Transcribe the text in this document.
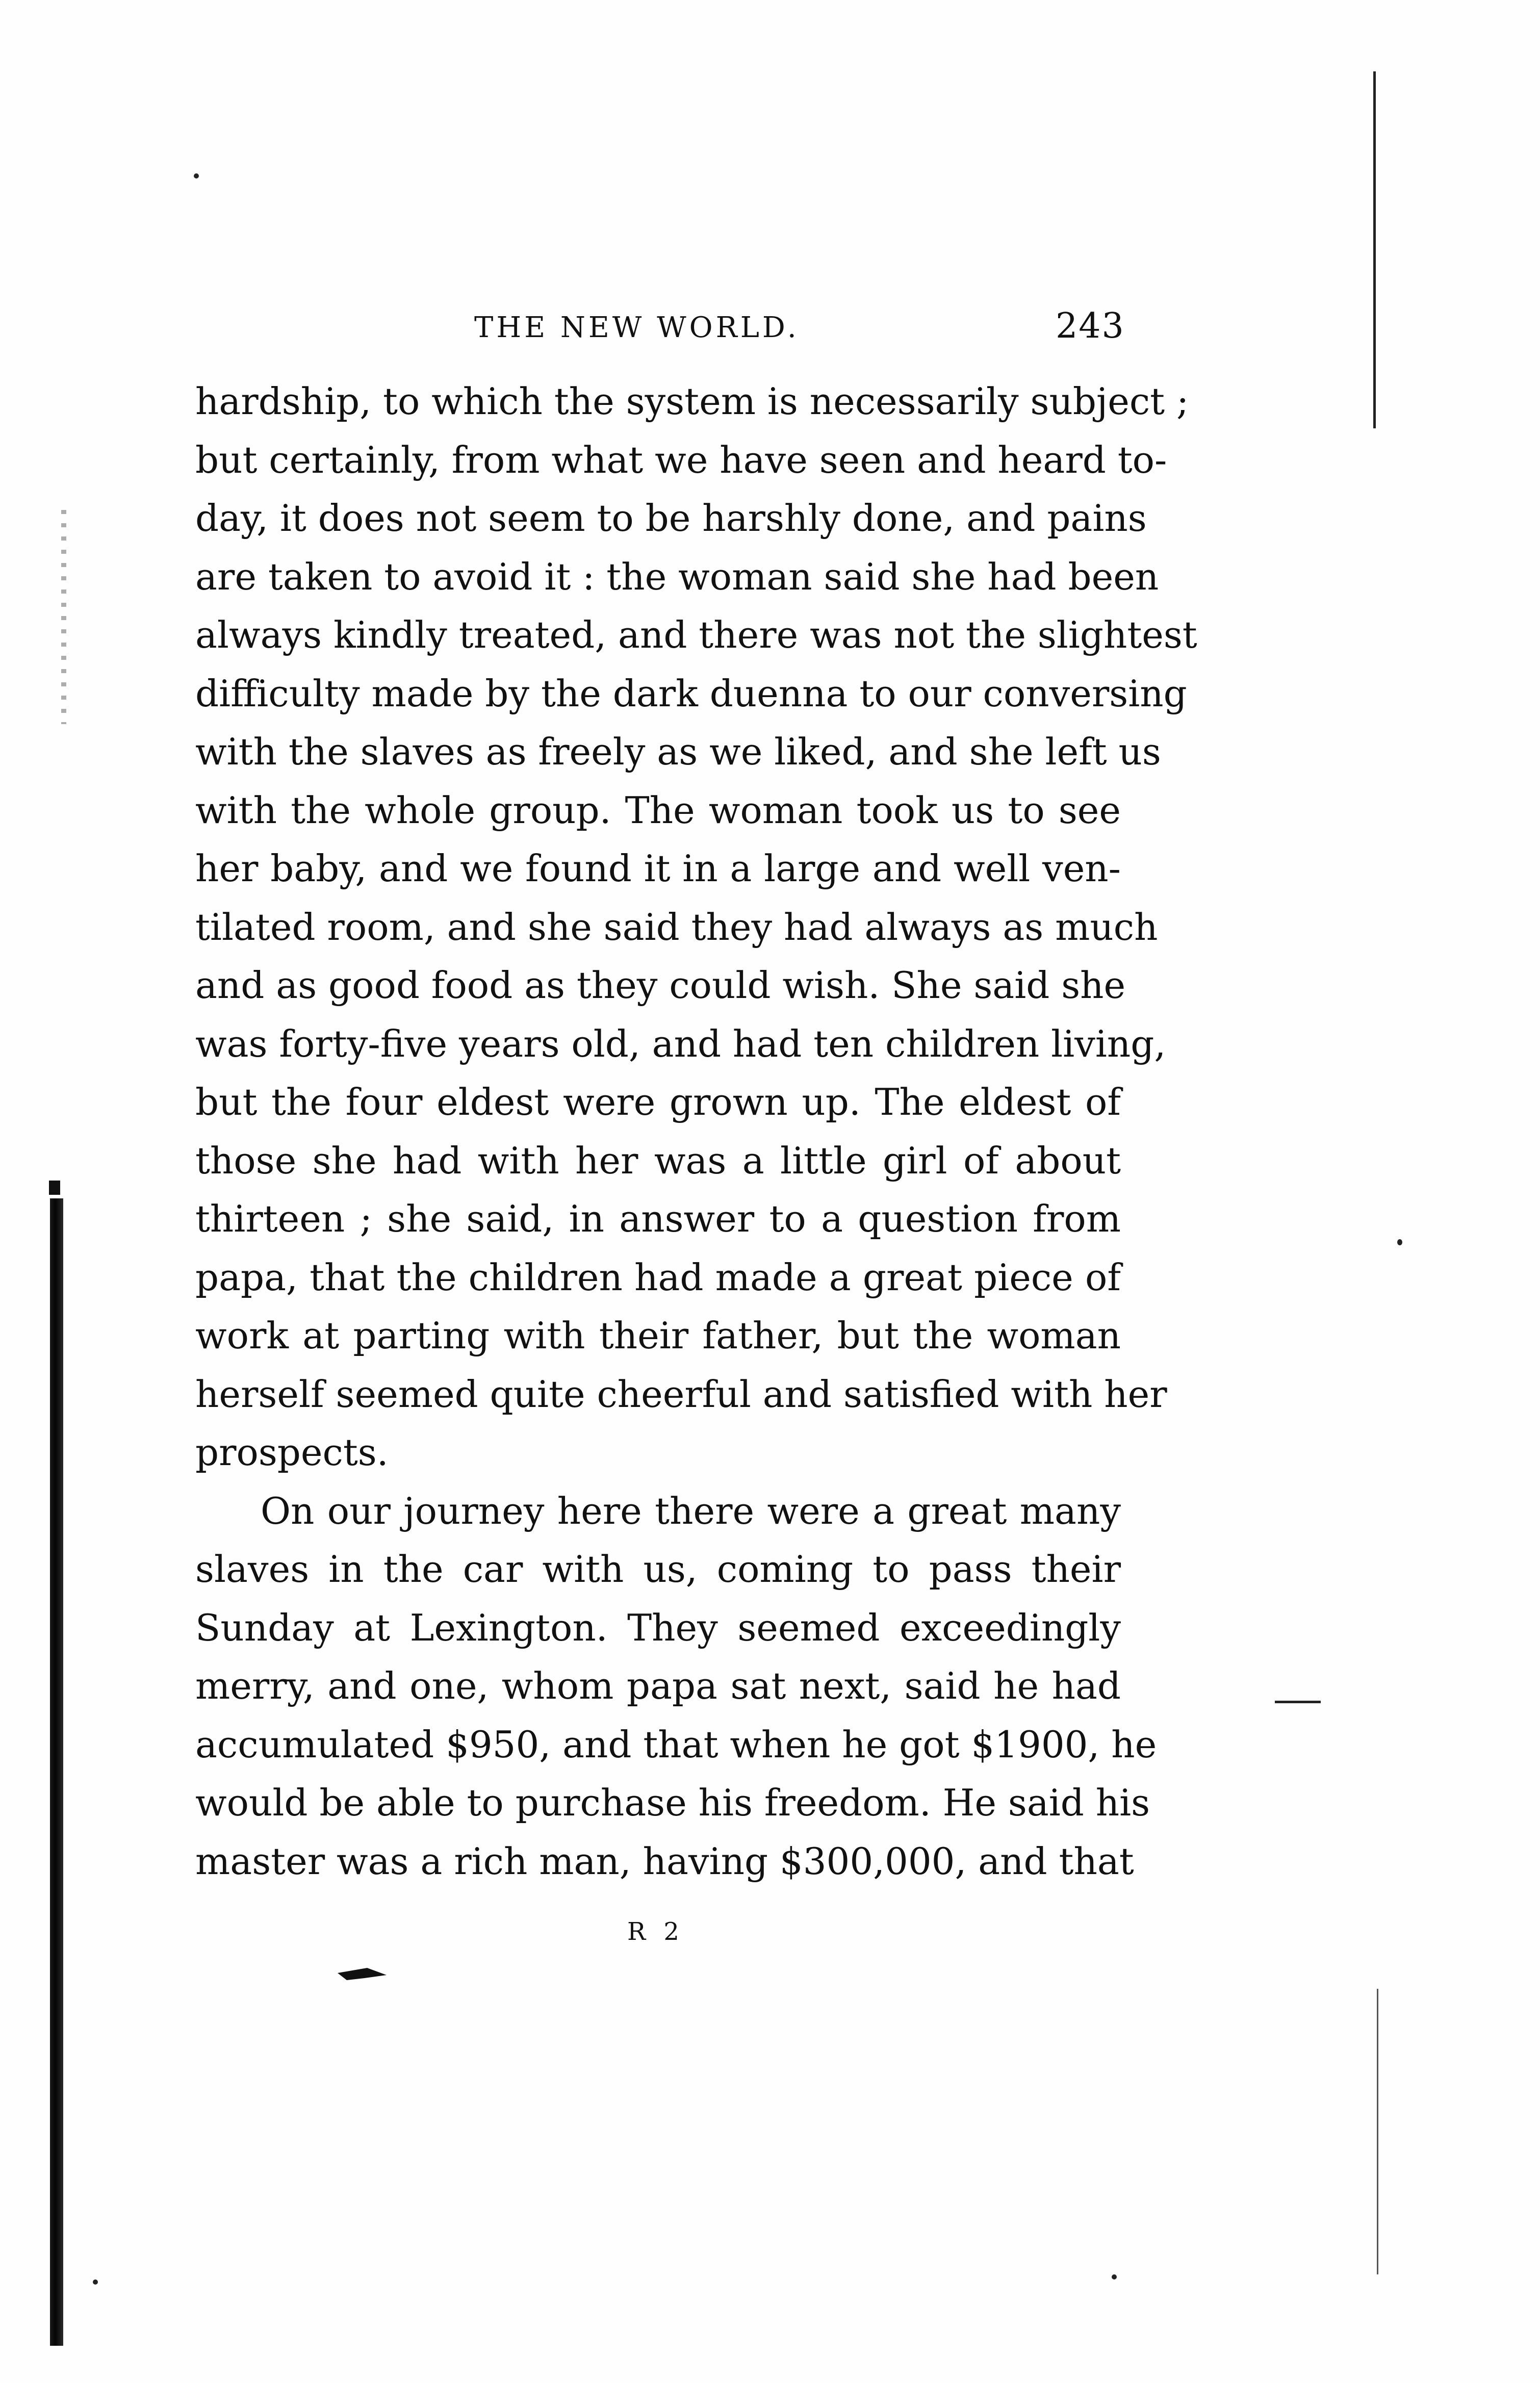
THE NEW WORLD.	243
hardship, to which the system is necessarily subject ;
but certainly, from what we have seen and heard to-
day, it does not seem to be harshly done, and pains
are taken to avoid it : the woman said she had been
always kindly treated, and there was not the slightest
difficulty made by the dark duenna to our conversing
with the slaves as freely as we liked, and she left us
with the whole group. The woman took us to see
her baby, and we found it in a large and well ven-
tilated room, and she said they had always as much
and as good food as they could wish. She said she
was forty-five years old, and had ten children living,
but the four eldest were grown up. The eldest of
those she had with her was a little girl of about
thirteen ; she said, in answer to a question from
papa, that the children had made a great piece of
work at parting with their father, but the woman
herself seemed quite cheerful and satisfied with her
prospects.
On our journey here there were a great many
slaves in the car with us, coming to pass their
Sunday at Lexington. They seemed exceedingly
merry, and one, whom papa sat next, said he had
accumulated $950, and that when he got $1900, he
would be able to purchase his freedom. He said his
master was a rich man, having $300,000, and that
R 2
